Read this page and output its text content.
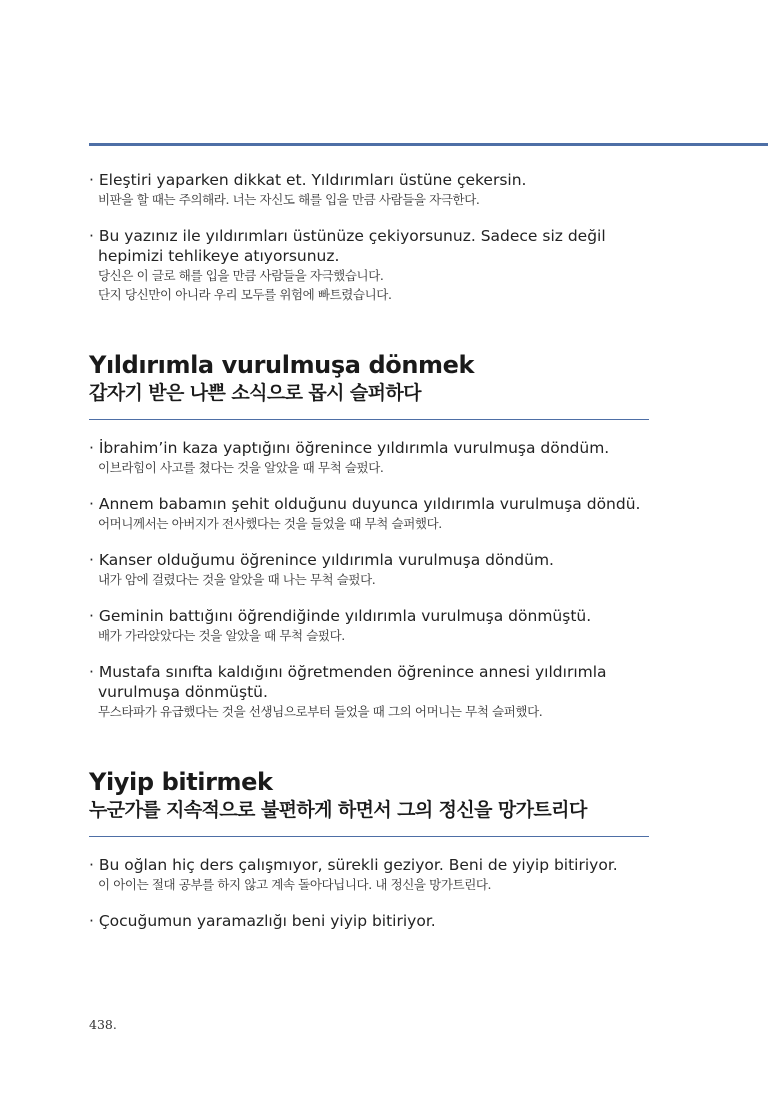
· Eleştiri yaparken dikkat et. Yıldırımları üstüne çekersin.
비판을 할 때는 주의해라. 너는 자신도 해를 입을 만큼 사람들을 자극한다.
· Bu yazınız ile yıldırımları üstünüze çekiyorsunuz. Sadece siz değil hepimizi tehlikeye atıyorsunuz.
당신은 이 글로 해를 입을 만큼 사람들을 자극했습니다.
단지 당신만이 아니라 우리 모두를 위험에 빠트렸습니다.
Yıldırımla vurulmuşa dönmek
갑자기 받은 나쁜 소식으로 몹시 슬퍼하다
· İbrahim’in kaza yaptığını öğrenince yıldırımla vurulmuşa döndüm.
이브라힘이 사고를 쳤다는 것을 알았을 때 무척 슬펐다.
· Annem babamın şehit olduğunu duyunca yıldırımla vurulmuşa döndü.
어머니께서는 아버지가 전사했다는 것을 들었을 때 무척 슬퍼했다.
· Kanser olduğumu öğrenince yıldırımla vurulmuşa döndüm.
내가 암에 걸렸다는 것을 알았을 때 나는 무척 슬펐다.
· Geminin battığını öğrendiğinde yıldırımla vurulmuşa dönmüştü.
배가 가라앉았다는 것을 알았을 때 무척 슬펐다.
· Mustafa sınıfta kaldığını öğretmenden öğrenince annesi yıldırımla vurulmuşa dönmüştü.
무스타파가 유급했다는 것을 선생님으로부터 들었을 때 그의 어머니는 무척 슬퍼했다.
Yiyip bitirmek
누군가를 지속적으로 불편하게 하면서 그의 정신을 망가트리다
· Bu oğlan hiç ders çalışmıyor, sürekli geziyor. Beni de yiyip bitiriyor.
이 아이는 절대 공부를 하지 않고 계속 돌아다닙니다. 내 정신을 망가트린다.
· Çocuğumun yaramazlığı beni yiyip bitiriyor.
438.
